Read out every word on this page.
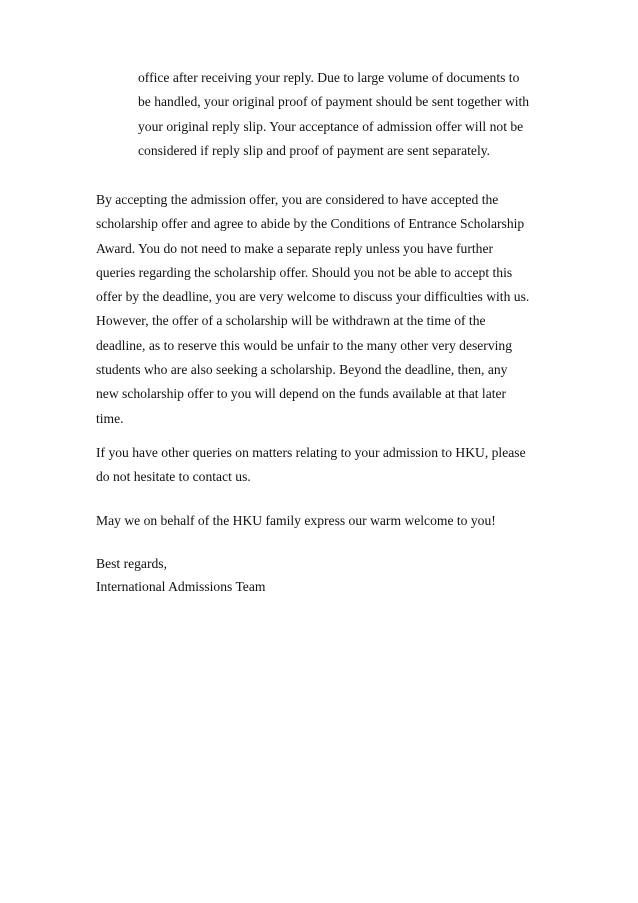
office after receiving your reply. Due to large volume of documents to
be handled, your original proof of payment should be sent together with
your original reply slip. Your acceptance of admission offer will not be
considered if reply slip and proof of payment are sent separately.
By accepting the admission offer, you are considered to have accepted the
scholarship offer and agree to abide by the Conditions of Entrance Scholarship
Award. You do not need to make a separate reply unless you have further
queries regarding the scholarship offer. Should you not be able to accept this
offer by the deadline, you are very welcome to discuss your difficulties with us.
However, the offer of a scholarship will be withdrawn at the time of the
deadline, as to reserve this would be unfair to the many other very deserving
students who are also seeking a scholarship. Beyond the deadline, then, any
new scholarship offer to you will depend on the funds available at that later
time.
If you have other queries on matters relating to your admission to HKU, please
do not hesitate to contact us.
May we on behalf of the HKU family express our warm welcome to you!
Best regards,
International Admissions Team
